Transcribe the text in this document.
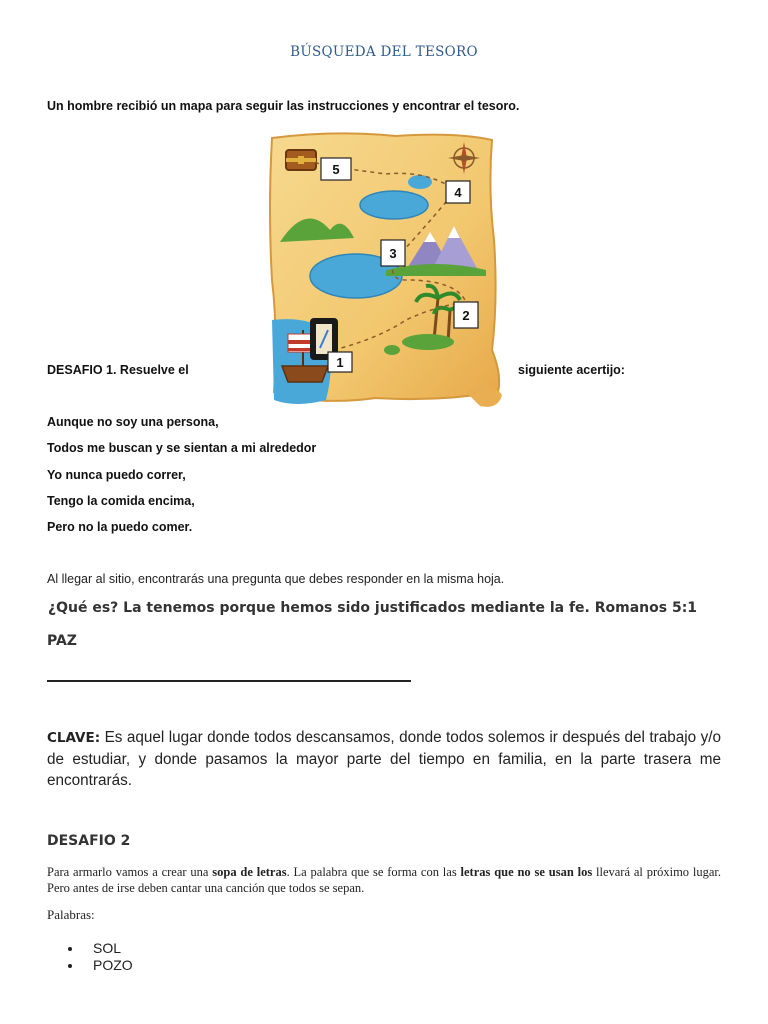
BÚSQUEDA DEL TESORO
Un hombre recibió un mapa para seguir las instrucciones y encontrar el tesoro.
5
4
3
2
1
DESAFIO 1. Resuelve el	siguiente acertijo:
Aunque no soy una persona,
Todos me buscan y se sientan a mi alrededor
Yo nunca puedo correr,
Tengo la comida encima,
Pero no la puedo comer.
Al llegar al sitio, encontrarás una pregunta que debes responder en la misma hoja.
¿Qué es? La tenemos porque hemos sido justificados mediante la fe. Romanos 5:1
PAZ
CLAVE: Es aquel lugar donde todos descansamos, donde todos solemos ir después del trabajo y/o de estudiar, y donde pasamos la mayor parte del tiempo en familia, en la parte trasera me encontrarás.
DESAFIO 2
Para armarlo vamos a crear una sopa de letras. La palabra que se forma con las letras que no se usan los llevará al próximo lugar. Pero antes de irse deben cantar una canción que todos se sepan.
Palabras:
SOL
POZO
